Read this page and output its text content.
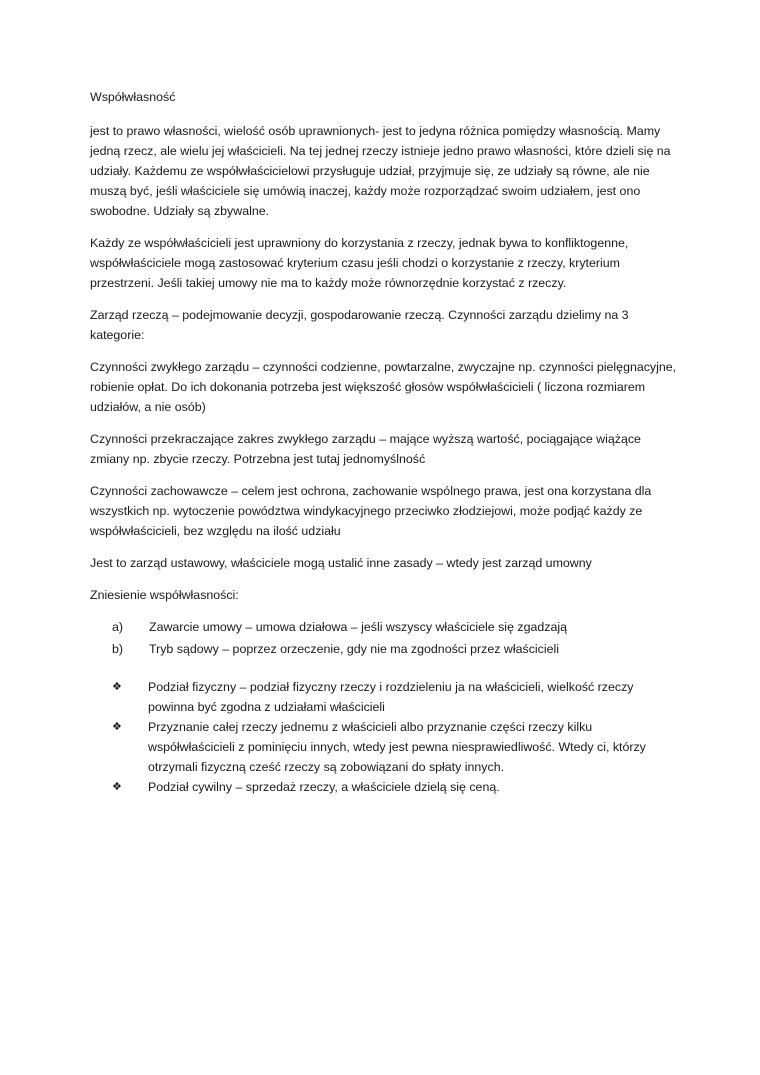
Współwłasność

jest to prawo własności, wielość osób uprawnionych- jest to jedyna różnica pomiędzy własnością. Mamy jedną rzecz, ale wielu jej właścicieli. Na tej jednej rzeczy istnieje jedno prawo własności, które dzieli się na udziały. Każdemu ze współwłaścicielowi przysługuje udział, przyjmuje się, ze udziały są równe, ale nie muszą być, jeśli właściciele się umówią inaczej, każdy może rozporządzać swoim udziałem, jest ono swobodne. Udziały są zbywalne.

Każdy ze współwłaścicieli jest uprawniony do korzystania z rzeczy, jednak bywa to konfliktogenne, współwłaściciele mogą zastosować kryterium czasu jeśli chodzi o korzystanie z rzeczy, kryterium przestrzeni. Jeśli takiej umowy nie ma to każdy może równorzędnie korzystać z rzeczy.

Zarząd rzeczą – podejmowanie decyzji, gospodarowanie rzeczą. Czynności zarządu dzielimy na 3 kategorie:

Czynności zwykłego zarządu – czynności codzienne, powtarzalne, zwyczajne np. czynności pielęgnacyjne, robienie opłat. Do ich dokonania potrzeba jest większość głosów współwłaścicieli ( liczona rozmiarem udziałów, a nie osób)

Czynności przekraczające zakres zwykłego zarządu – mające wyższą wartość, pociągające wiążące zmiany np. zbycie rzeczy. Potrzebna jest tutaj jednomyślność

Czynności zachowawcze – celem jest ochrona, zachowanie wspólnego prawa, jest ona korzystana dla wszystkich np. wytoczenie powództwa windykacyjnego przeciwko złodziejowi, może podjąć każdy ze współwłaścicieli, bez względu na ilość udziału

Jest to zarząd ustawowy, właściciele mogą ustalić inne zasady – wtedy jest zarząd umowny

Zniesienie współwłasności:

a)	Zawarcie umowy – umowa działowa – jeśli wszyscy właściciele się zgadzają
b)	Tryb sądowy – poprzez orzeczenie, gdy nie ma zgodności przez właścicieli
❖	Podział fizyczny – podział fizyczny rzeczy i rozdzieleniu ja na właścicieli, wielkość rzeczy powinna być zgodna z udziałami właścicieli
❖	Przyznanie całej rzeczy jednemu z właścicieli albo przyznanie części rzeczy kilku współwłaścicieli z pominięciu innych, wtedy jest pewna niesprawiedliwość. Wtedy ci, którzy otrzymali fizyczną cześć rzeczy są zobowiązani do spłaty innych.
❖	Podział cywilny – sprzedaż rzeczy, a właściciele dzielą się ceną.
